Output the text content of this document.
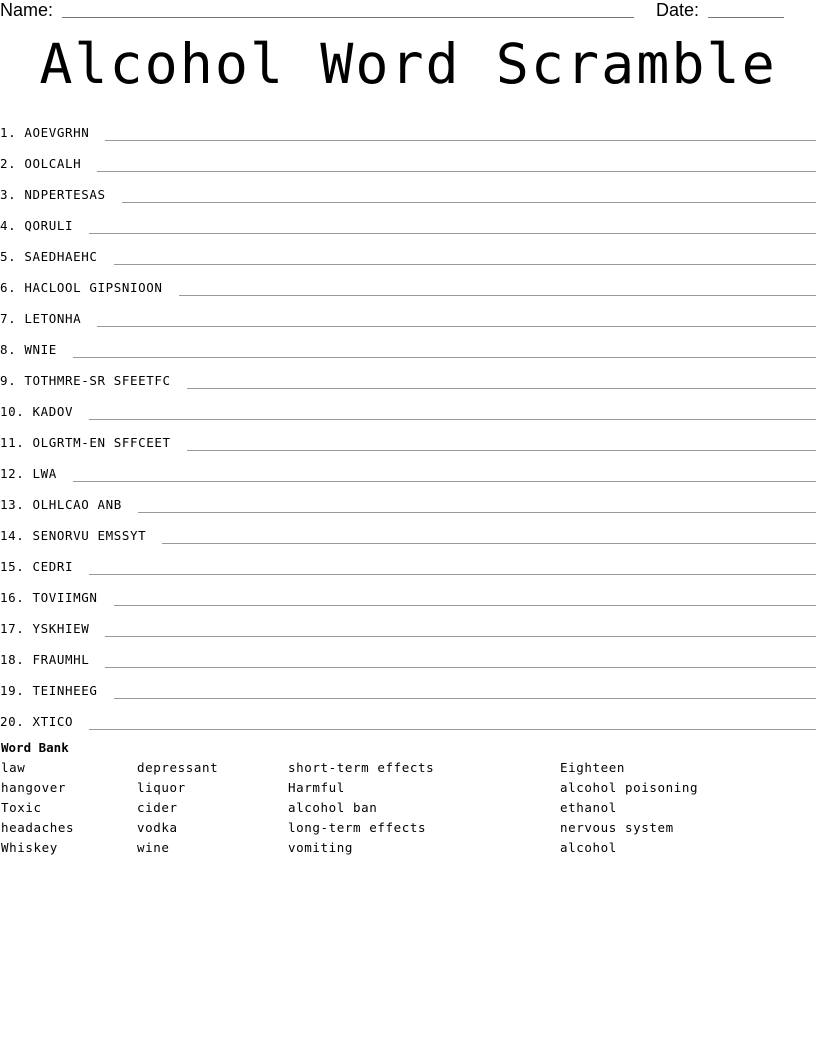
Name:	Date:
Alcohol Word Scramble
1. AOEVGRHN
2. OOLCALH
3. NDPERTESAS
4. QORULI
5. SAEDHAEHC
6. HACLOOL GIPSNIOON
7. LETONHA
8. WNIE
9. TOTHMRE-SR SFEETFC
10. KADOV
11. OLGRTM-EN SFFCEET
12. LWA
13. OLHLCAO ANB
14. SENORVU EMSSYT
15. CEDRI
16. TOVIIMGN
17. YSKHIEW
18. FRAUMHL
19. TEINHEEG
20. XTICO
Word Bank
law
hangover
Toxic
headaches
Whiskey
depressant
liquor
cider
vodka
wine
short-term effects
Harmful
alcohol ban
long-term effects
vomiting
Eighteen
alcohol poisoning
ethanol
nervous system
alcohol
